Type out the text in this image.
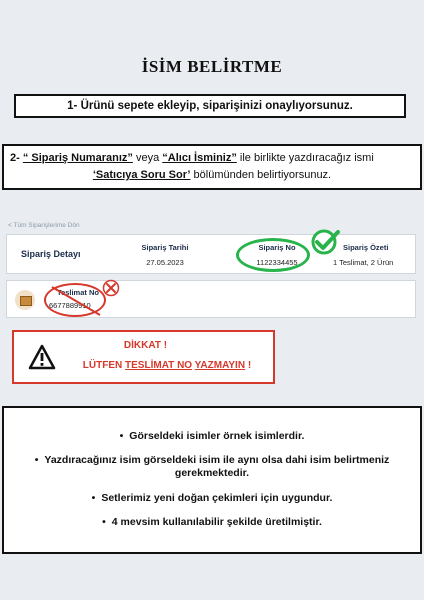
İSİM BELİRTME
1- Ürünü sepete ekleyip, siparişinizi onaylıyorsunuz.
2- “ Sipariş Numaranız” veya “Alıcı İsminiz” ile birlikte yazdıracağız ismi
‘Satıcıya Soru Sor’ bölümünden belirtiyorsunuz.
< Tüm Siparişlerime Dön
Sipariş Detayı
Sipariş Tarihi
27.05.2023
Sipariş No
1122334455
Sipariş Özeti
1 Teslimat, 2 Ürün
Teslimat No
6677889910
DİKKAT !
LÜTFEN TESLİMAT NO YAZMAYIN !
• Görseldeki isimler örnek isimlerdir.
• Yazdıracağınız isim görseldeki isim ile aynı olsa dahi isim belirtmeniz
gerekmektedir.
• Setlerimiz yeni doğan çekimleri için uygundur.
• 4 mevsim kullanılabilir şekilde üretilmiştir.
